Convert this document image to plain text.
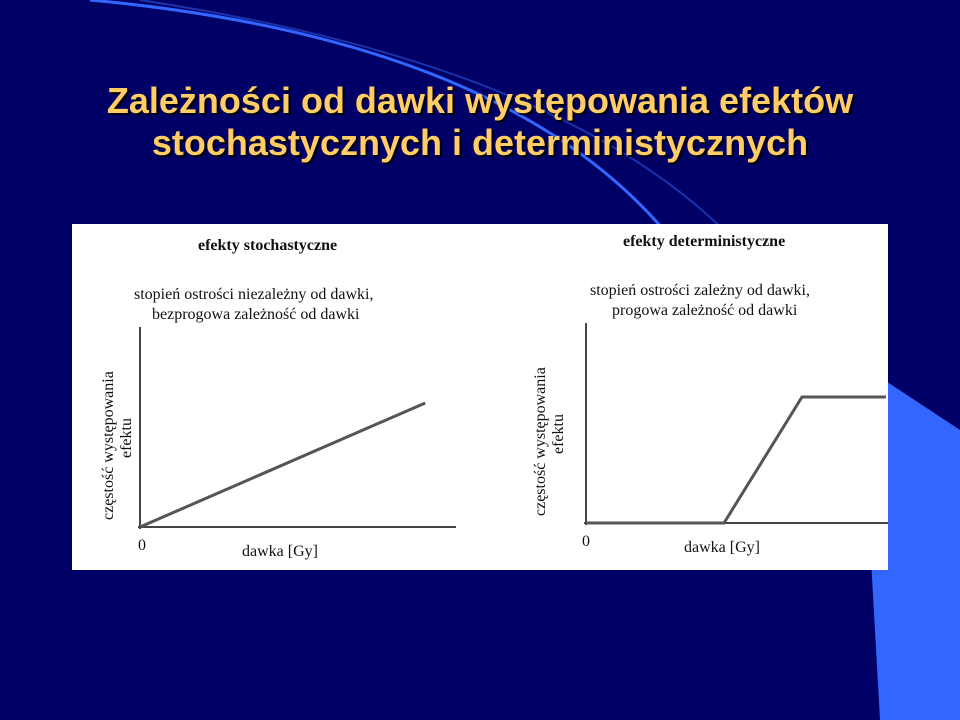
Zależności od dawki występowania efektów
stochastycznych i deterministycznych
efekty stochastyczne
stopień ostrości niezależny od dawki,
bezprogowa zależność od dawki
częstość występowania efektu
0	dawka [Gy]
efekty deterministyczne
stopień ostrości zależny od dawki,
progowa zależność od dawki
częstość występowania efektu
0	dawka [Gy]
